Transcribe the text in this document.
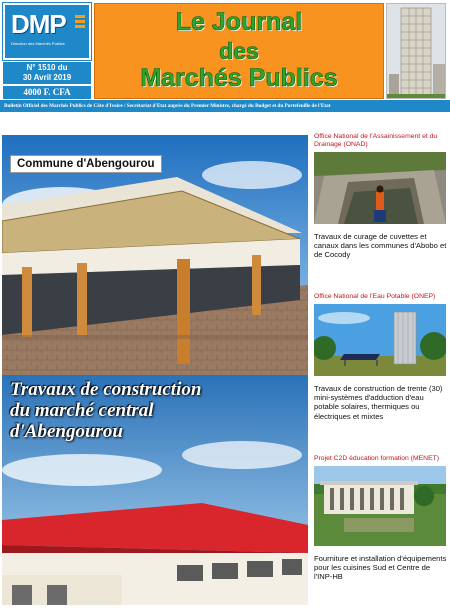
DMP
Direction des Marchés Publics
N° 1510 du
30 Avril 2019
4000 F. CFA
Le Journal
des
Marchés Publics
Bulletin Officiel des Marchés Publics de Côte d'Ivoire / Secrétariat d'Etat auprès du Premier Ministre, chargé du Budget et du Portefeuille de l'Etat
Commune d'Abengourou
Travaux de construction
du marché central
d'Abengourou
Office National de l'Assainissement et du Drainage (ONAD)
Travaux de curage de cuvettes et canaux dans les communes d'Abobo et de Cocody
Office National de l'Eau Potable (ONEP)
Travaux de construction de trente (30) mini-systèmes d'adduction d'eau potable solaires, thermiques ou électriques et mixtes
Projet C2D éducation formation (MENET)
Fourniture et installation d'équipements pour les cuisines Sud et Centre de l'INP-HB
